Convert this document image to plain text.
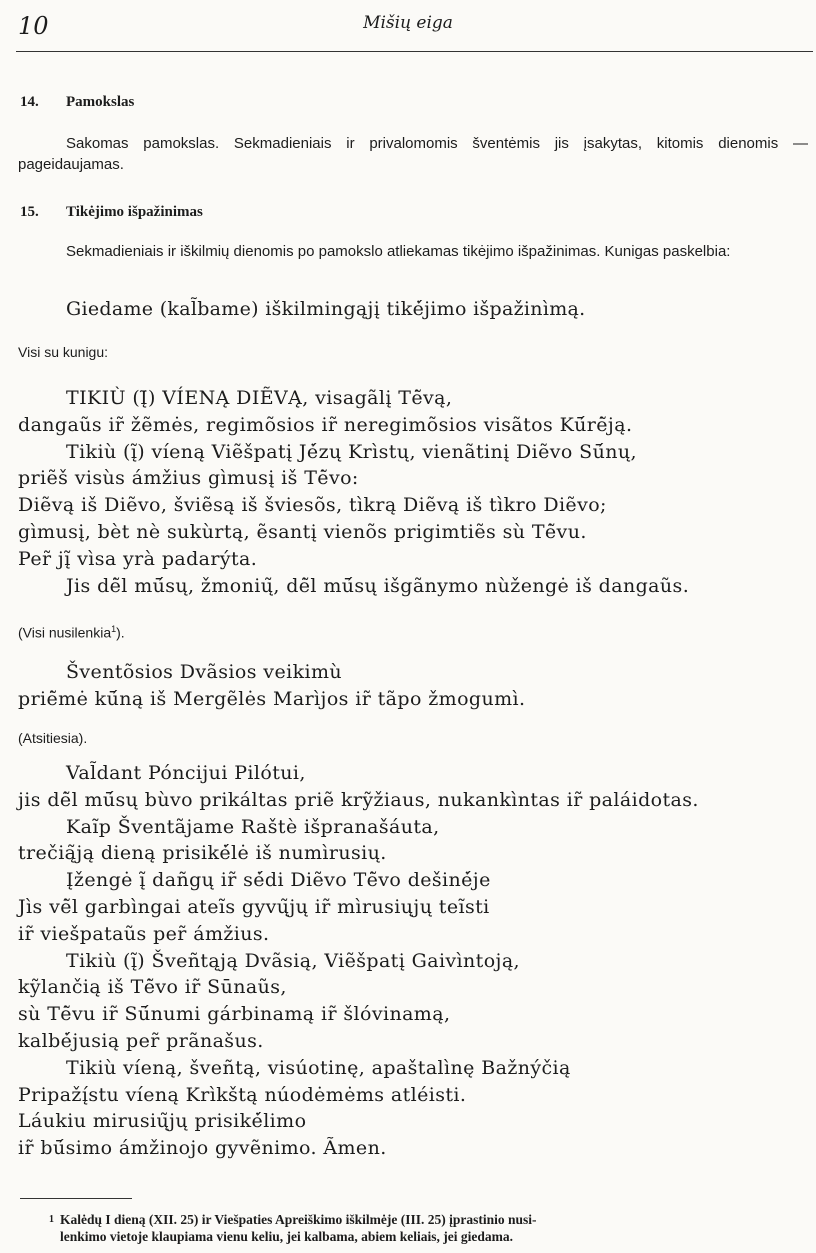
10	Mišių eiga
14. Pamokslas
Sakomas pamokslas. Sekmadieniais ir privalomomis šventėmis jis įsakytas, kitomis dienomis — pageidaujamas.
15. Tikėjimo išpažinimas
Sekmadieniais ir iškilmių dienomis po pamokslo atliekamas tikėjimo išpažinimas. Kunigas paskelbia:
Giedame (kal̃bame) iškilmingąjį tikė́jimo išpažinìmą.
Visi su kunigu:
TIKIÙ (Į̃) VÍENĄ DIẼVĄ, visagãlį Tė̃vą,
dangaũs ir̃ žẽmės, regimõsios ir̃ neregimõsios visãtos Kū́rė̃ją.
Tikiù (į̃) víeną Viẽšpatį Jė́zų Krìstų, vienãtinį Diẽvo Sū́nų,
priẽš visùs ámžius gìmusį iš Tė̃vo:
Diẽvą iš Diẽvo, šviẽsą iš šviesõs, tìkrą Diẽvą iš tìkro Diẽvo;
gìmusį, bèt nè sukùrtą, ẽsantį vienõs prigimtiẽs sù Tė̃vu.
Per̃ jį̃ vìsa yrà padarýta.
Jis dė̃l mū́sų, žmonių̃, dė̃l mū́sų išgãnymo nùžengė iš dangaũs.
(Visi nusilenkia$^1$).
Šventõsios Dvãsios veikimù
priė̃mė kū́ną iš Mergẽlės Marìjos ir̃ tãpo žmogumì.
(Atsitiesia).
Val̃dant Póncijui Pilótui,
jis dė̃l mū́sų bùvo prikáltas priẽ krỹžiaus, nukankìntas ir̃ paláidotas.
Kaĩp Šventãjame Raštè išpranašáuta,
trečią̃ją dieną prisikė́lė iš numìrusių.
Įžengė į̃ dañgų ir̃ sė́di Diẽvo Tė̃vo dešinė́je
Jìs vė̃l garbìngai ateĩs gyvų̃jų ir̃ mìrusiųjų teĩsti
ir̃ viešpataũs per̃ ámžius.
Tikiù (į̃) Šveñtąją Dvãsią, Viẽšpatį Gaivìntoją,
kỹlančią iš Tė̃vo ir̃ Sūnaũs,
sù Tė̃vu ir̃ Sū́numi gárbinamą ir̃ šlóvinamą,
kalbė́jusią per̃ prãnašus.
Tikiù víeną, šveñtą, visúotinę, apaštalìnę Bažnýčią
Pripažį́stu víeną Krìkštą núodėmėms atléisti.
Láukiu mirusių̃jų prisikė́limo
ir̃ bū́simo ámžinojo gyvẽnimo. Ãmen.
1 Kalėdų I dieną (XII. 25) ir Viešpaties Apreiškimo iškilmėje (III. 25) įprastinio nusi-
lenkimo vietoje klaupiama vienu keliu, jei kalbama, abiem keliais, jei giedama.
